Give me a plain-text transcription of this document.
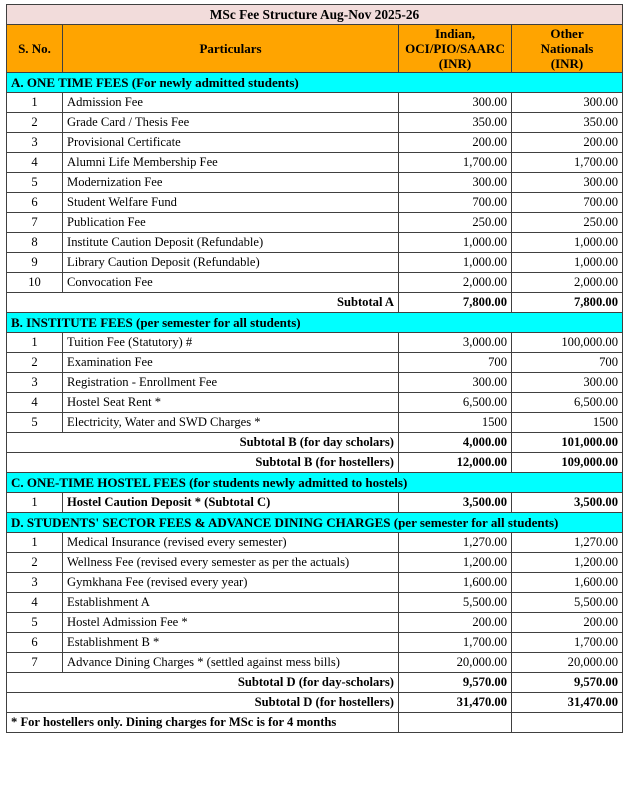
MSc Fee Structure Aug-Nov 2025-26			
S. No.	Particulars	Indian,
OCI/PIO/SAARC
(INR)	Other
Nationals
(INR)
A. ONE TIME FEES (For newly admitted students)			
1	Admission Fee	300.00	300.00
2	Grade Card / Thesis Fee	350.00	350.00
3	Provisional Certificate	200.00	200.00
4	Alumni Life Membership Fee	1,700.00	1,700.00
5	Modernization Fee	300.00	300.00
6	Student Welfare Fund	700.00	700.00
7	Publication Fee	250.00	250.00
8	Institute Caution Deposit (Refundable)	1,000.00	1,000.00
9	Library Caution Deposit (Refundable)	1,000.00	1,000.00
10	Convocation Fee	2,000.00	2,000.00
Subtotal A		7,800.00	7,800.00
B. INSTITUTE FEES (per semester for all students)			
1	Tuition Fee (Statutory) #	3,000.00	100,000.00
2	Examination Fee	700	700
3	Registration - Enrollment Fee	300.00	300.00
4	Hostel Seat Rent *	6,500.00	6,500.00
5	Electricity, Water and SWD Charges *	1500	1500
Subtotal B (for day scholars)		4,000.00	101,000.00
Subtotal B (for hostellers)		12,000.00	109,000.00
C. ONE-TIME HOSTEL FEES (for students newly admitted to hostels)			
1	Hostel Caution Deposit * (Subtotal C)	3,500.00	3,500.00
D. STUDENTS' SECTOR FEES & ADVANCE DINING CHARGES (per semester for all students)			
1	Medical Insurance (revised every semester)	1,270.00	1,270.00
2	Wellness Fee (revised every semester as per the actuals)	1,200.00	1,200.00
3	Gymkhana Fee (revised every year)	1,600.00	1,600.00
4	Establishment A	5,500.00	5,500.00
5	Hostel Admission Fee *	200.00	200.00
6	Establishment B *	1,700.00	1,700.00
7	Advance Dining Charges * (settled against mess bills)	20,000.00	20,000.00
Subtotal D (for day-scholars)		9,570.00	9,570.00
Subtotal D (for hostellers)		31,470.00	31,470.00
* For hostellers only. Dining charges for MSc is for 4 months			
